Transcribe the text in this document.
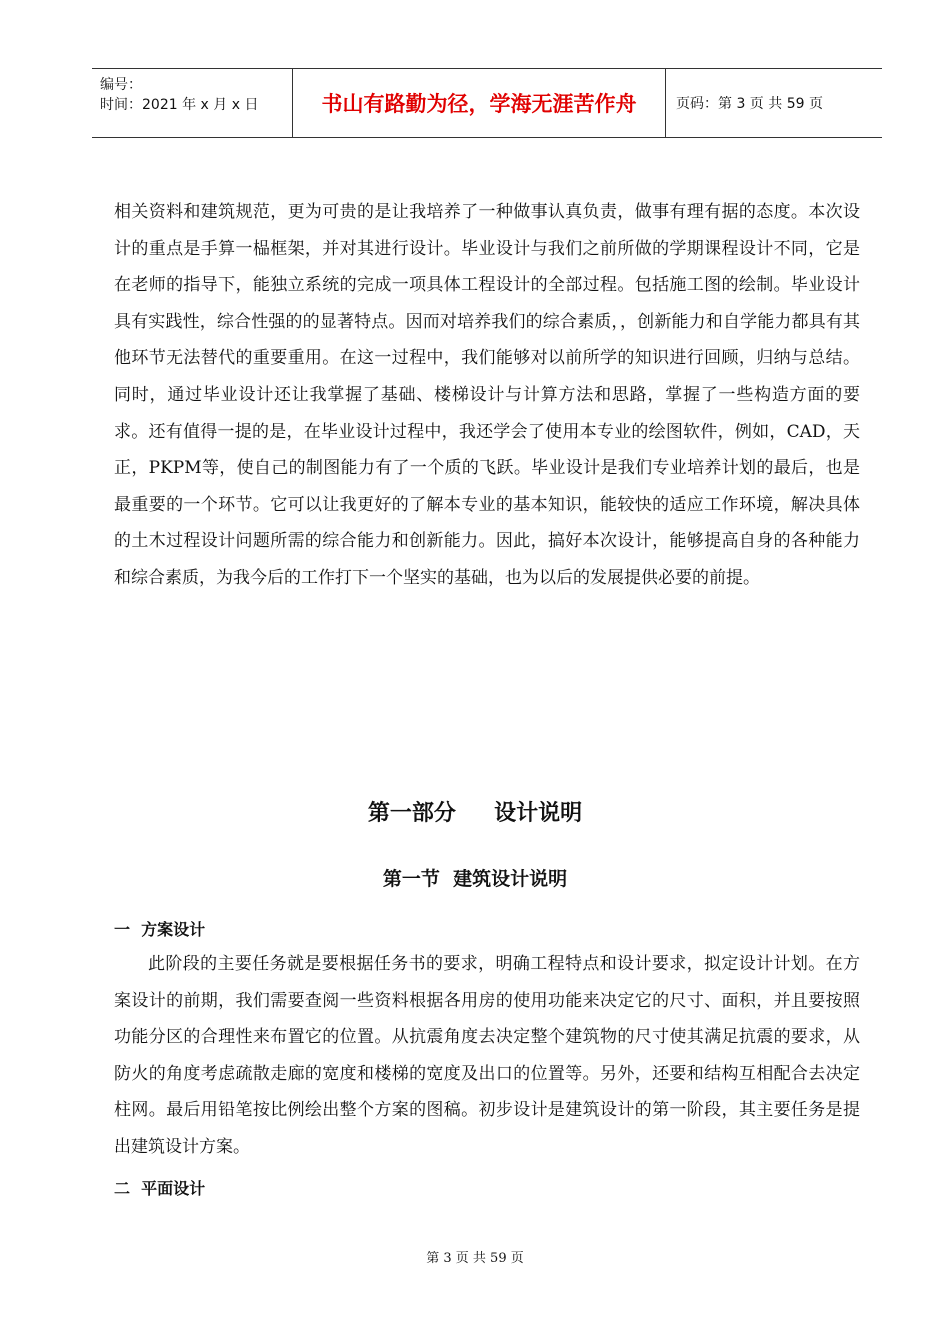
编号：
时间：2021 年 x 月 x 日	书山有路勤为径，学海无涯苦作舟	页码：第 3 页 共 59 页

相关资料和建筑规范，更为可贵的是让我培养了一种做事认真负责，做事有理有据的态度。本次设计的重点是手算一榀框架，并对其进行设计。毕业设计与我们之前所做的学期课程设计不同，它是在老师的指导下，能独立系统的完成一项具体工程设计的全部过程。包括施工图的绘制。毕业设计具有实践性，综合性强的的显著特点。因而对培养我们的综合素质，，创新能力和自学能力都具有其他环节无法替代的重要重用。在这一过程中，我们能够对以前所学的知识进行回顾，归纳与总结。同时，通过毕业设计还让我掌握了基础、楼梯设计与计算方法和思路，掌握了一些构造方面的要求。还有值得一提的是，在毕业设计过程中，我还学会了使用本专业的绘图软件，例如，CAD，天正，PKPM等，使自己的制图能力有了一个质的飞跃。毕业设计是我们专业培养计划的最后，也是最重要的一个环节。它可以让我更好的了解本专业的基本知识，能较快的适应工作环境，解决具体的土木过程设计问题所需的综合能力和创新能力。因此，搞好本次设计，能够提高自身的各种能力和综合素质，为我今后的工作打下一个坚实的基础，也为以后的发展提供必要的前提。

第一部分     设计说明
第一节  建筑设计说明
一  方案设计

此阶段的主要任务就是要根据任务书的要求，明确工程特点和设计要求，拟定设计计划。在方案设计的前期，我们需要查阅一些资料根据各用房的使用功能来决定它的尺寸、面积，并且要按照功能分区的合理性来布置它的位置。从抗震角度去决定整个建筑物的尺寸使其满足抗震的要求，从防火的角度考虑疏散走廊的宽度和楼梯的宽度及出口的位置等。另外，还要和结构互相配合去决定柱网。最后用铅笔按比例绘出整个方案的图稿。初步设计是建筑设计的第一阶段，其主要任务是提出建筑设计方案。

二  平面设计
第 3 页 共 59 页
